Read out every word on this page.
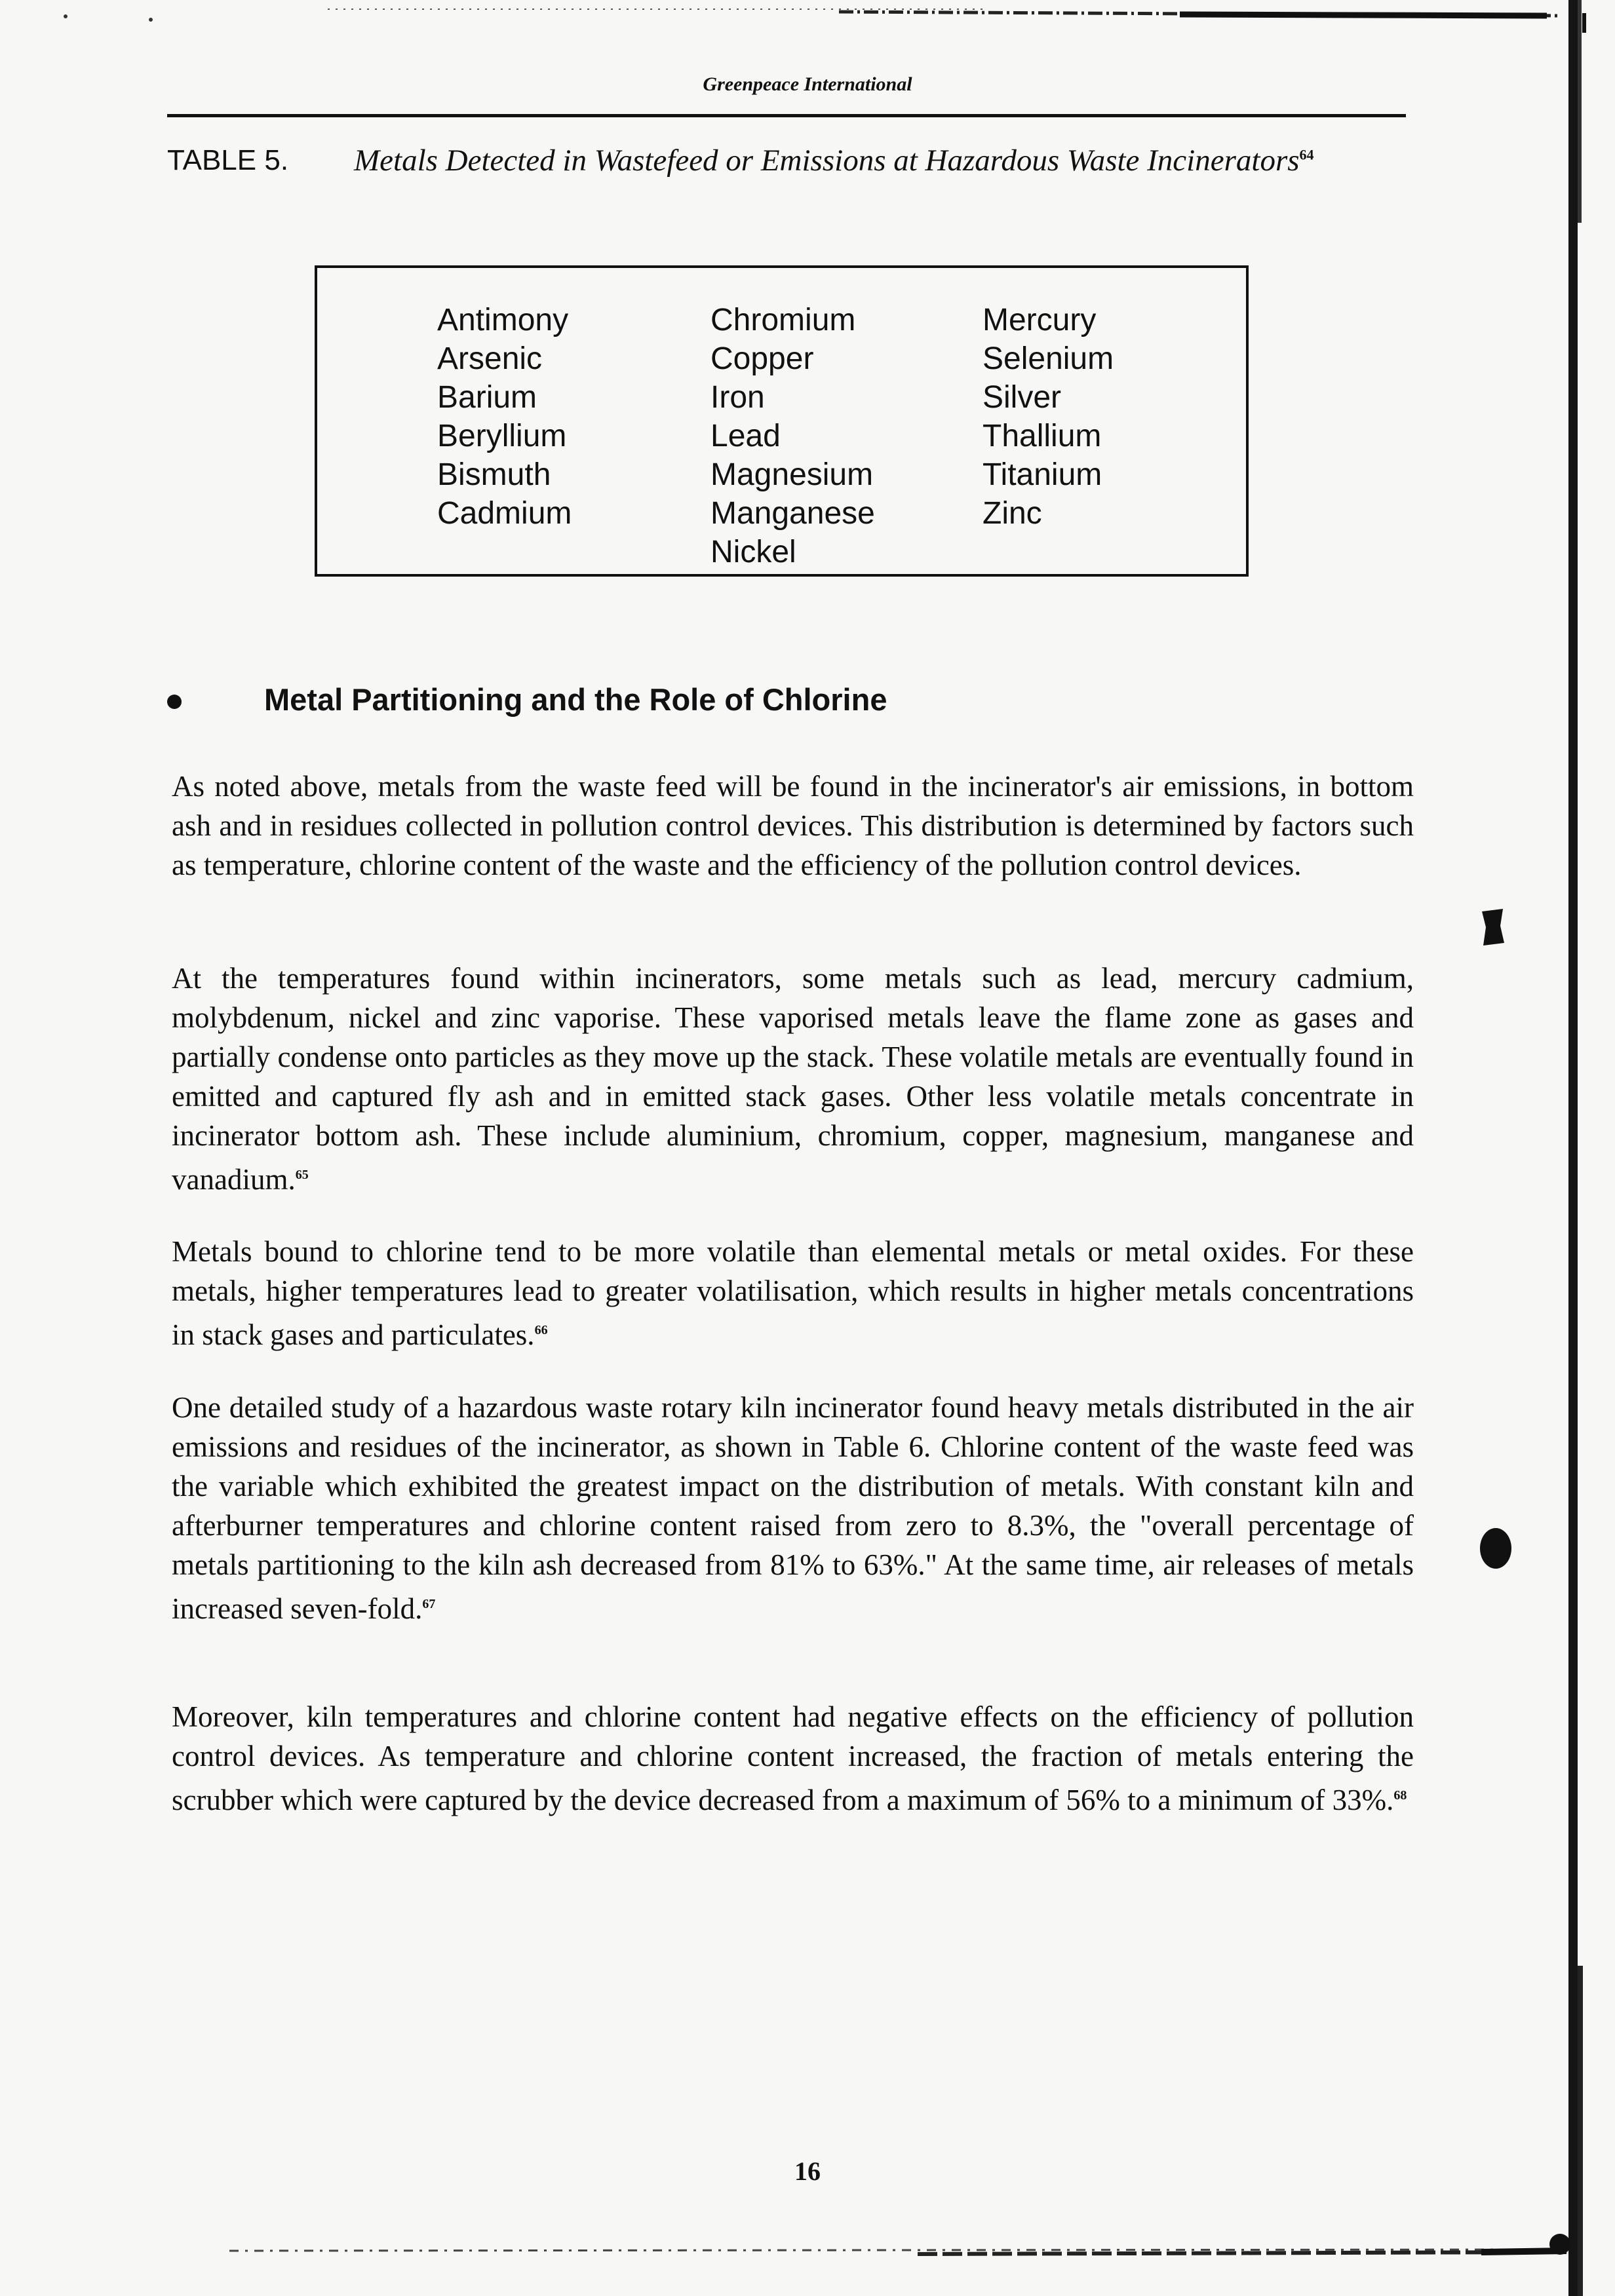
Greenpeace International
TABLE 5. Metals Detected in Wastefeed or Emissions at Hazardous Waste Incinerators$^{64}$
Antimony
Arsenic
Barium
Beryllium
Bismuth
Cadmium
Chromium
Copper
Iron
Lead
Magnesium
Manganese
Nickel
Mercury
Selenium
Silver
Thallium
Titanium
Zinc
Metal Partitioning and the Role of Chlorine
As noted above, metals from the waste feed will be found in the incinerator's air emissions, in bottom ash and in residues collected in pollution control devices. This distribution is determined by factors such as temperature, chlorine content of the waste and the efficiency of the pollution control devices.
At the temperatures found within incinerators, some metals such as lead, mercury cadmium, molybdenum, nickel and zinc vaporise. These vaporised metals leave the flame zone as gases and partially condense onto particles as they move up the stack. These volatile metals are eventually found in emitted and captured fly ash and in emitted stack gases. Other less volatile metals concentrate in incinerator bottom ash. These include aluminium, chromium, copper, magnesium, manganese and vanadium.$^{65}$
Metals bound to chlorine tend to be more volatile than elemental metals or metal oxides. For these metals, higher temperatures lead to greater volatilisation, which results in higher metals concentrations in stack gases and particulates.$^{66}$
One detailed study of a hazardous waste rotary kiln incinerator found heavy metals distributed in the air emissions and residues of the incinerator, as shown in Table 6. Chlorine content of the waste feed was the variable which exhibited the greatest impact on the distribution of metals. With constant kiln and afterburner temperatures and chlorine content raised from zero to 8.3%, the "overall percentage of metals partitioning to the kiln ash decreased from 81% to 63%." At the same time, air releases of metals increased seven-fold.$^{67}$
Moreover, kiln temperatures and chlorine content had negative effects on the efficiency of pollution control devices. As temperature and chlorine content increased, the fraction of metals entering the scrubber which were captured by the device decreased from a maximum of 56% to a minimum of 33%.$^{68}$
16
